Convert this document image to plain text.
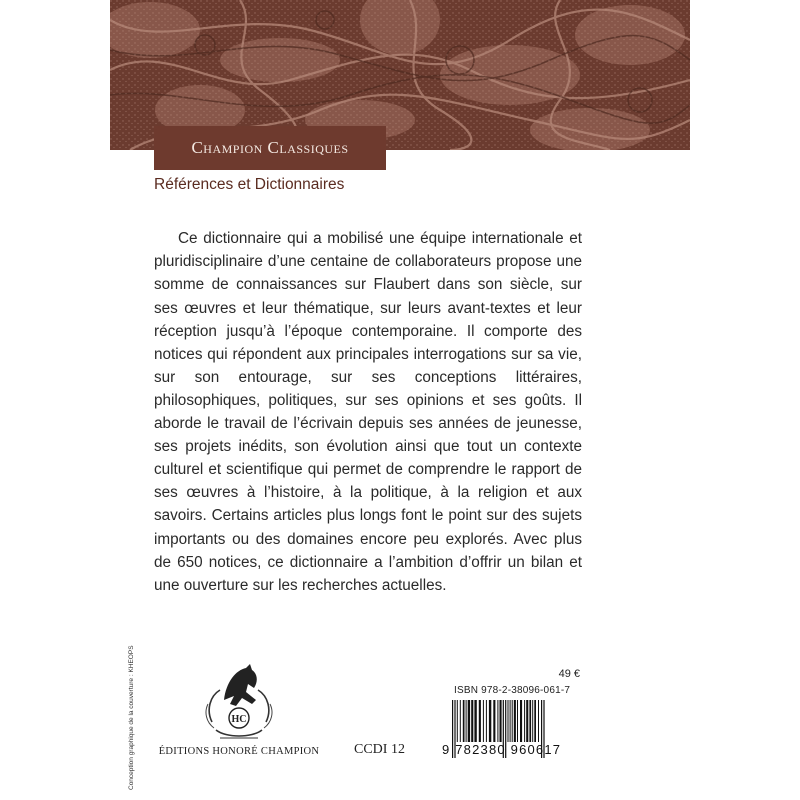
Champion Classiques
Références et Dictionnaires

Ce dictionnaire qui a mobilisé une équipe internationale et pluridisciplinaire d’une centaine de collaborateurs propose une somme de connaissances sur Flaubert dans son siècle, sur ses œuvres et leur thématique, sur leurs avant-textes et leur réception jusqu’à l’époque contemporaine. Il comporte des notices qui répondent aux principales interrogations sur sa vie, sur son entourage, sur ses conceptions littéraires, philosophiques, politiques, sur ses opinions et ses goûts. Il aborde le travail de l’écrivain depuis ses années de jeunesse, ses projets inédits, son évolution ainsi que tout un contexte culturel et scientifique qui permet de comprendre le rapport de ses œuvres à l’histoire, à la politique, à la religion et aux savoirs. Certains articles plus longs font le point sur des sujets importants ou des domaines encore peu explorés. Avec plus de 650 notices, ce dictionnaire a l’ambition d’offrir un bilan et une ouverture sur les recherches actuelles.

Conception graphique de la couverture : KHEOPS	HC
ÉDITIONS HONORÉ CHAMPION	CCDI 12
49 €
ISBN 978-2-38096-061-7
9 782380 960617
